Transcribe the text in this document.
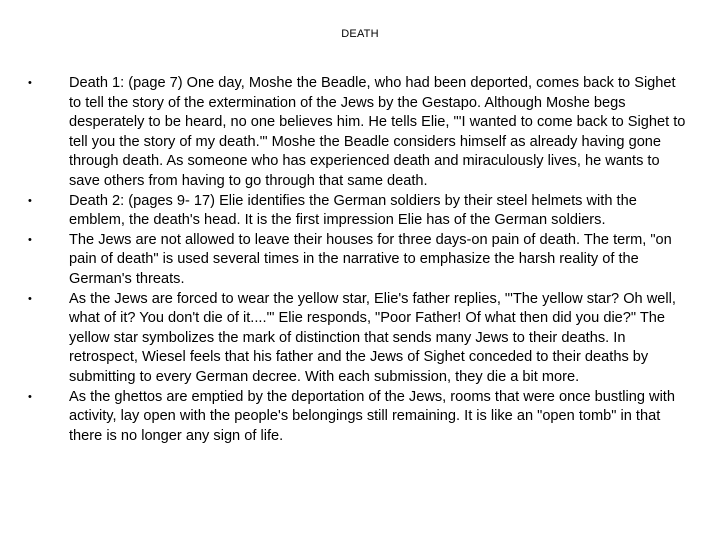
DEATH
•	Death 1: (page 7) One day, Moshe the Beadle, who had been deported, comes back to Sighet to tell the story of the extermination of the Jews by the Gestapo. Although Moshe begs desperately to be heard, no one believes him. He tells Elie, "'I wanted to come back to Sighet to tell you the story of my death.'" Moshe the Beadle considers himself as already having gone through death. As someone who has experienced death and miraculously lives, he wants to save others from having to go through that same death.
•	Death 2: (pages 9- 17) Elie identifies the German soldiers by their steel helmets with the emblem, the death's head. It is the first impression Elie has of the German soldiers.
•	The Jews are not allowed to leave their houses for three days-on pain of death. The term, "on pain of death" is used several times in the narrative to emphasize the harsh reality of the German's threats.
•	As the Jews are forced to wear the yellow star, Elie's father replies, "'The yellow star? Oh well, what of it? You don't die of it....'" Elie responds, "Poor Father! Of what then did you die?" The yellow star symbolizes the mark of distinction that sends many Jews to their deaths. In retrospect, Wiesel feels that his father and the Jews of Sighet conceded to their deaths by submitting to every German decree. With each submission, they die a bit more.
•	As the ghettos are emptied by the deportation of the Jews, rooms that were once bustling with activity, lay open with the people's belongings still remaining. It is like an "open tomb" in that there is no longer any sign of life.
